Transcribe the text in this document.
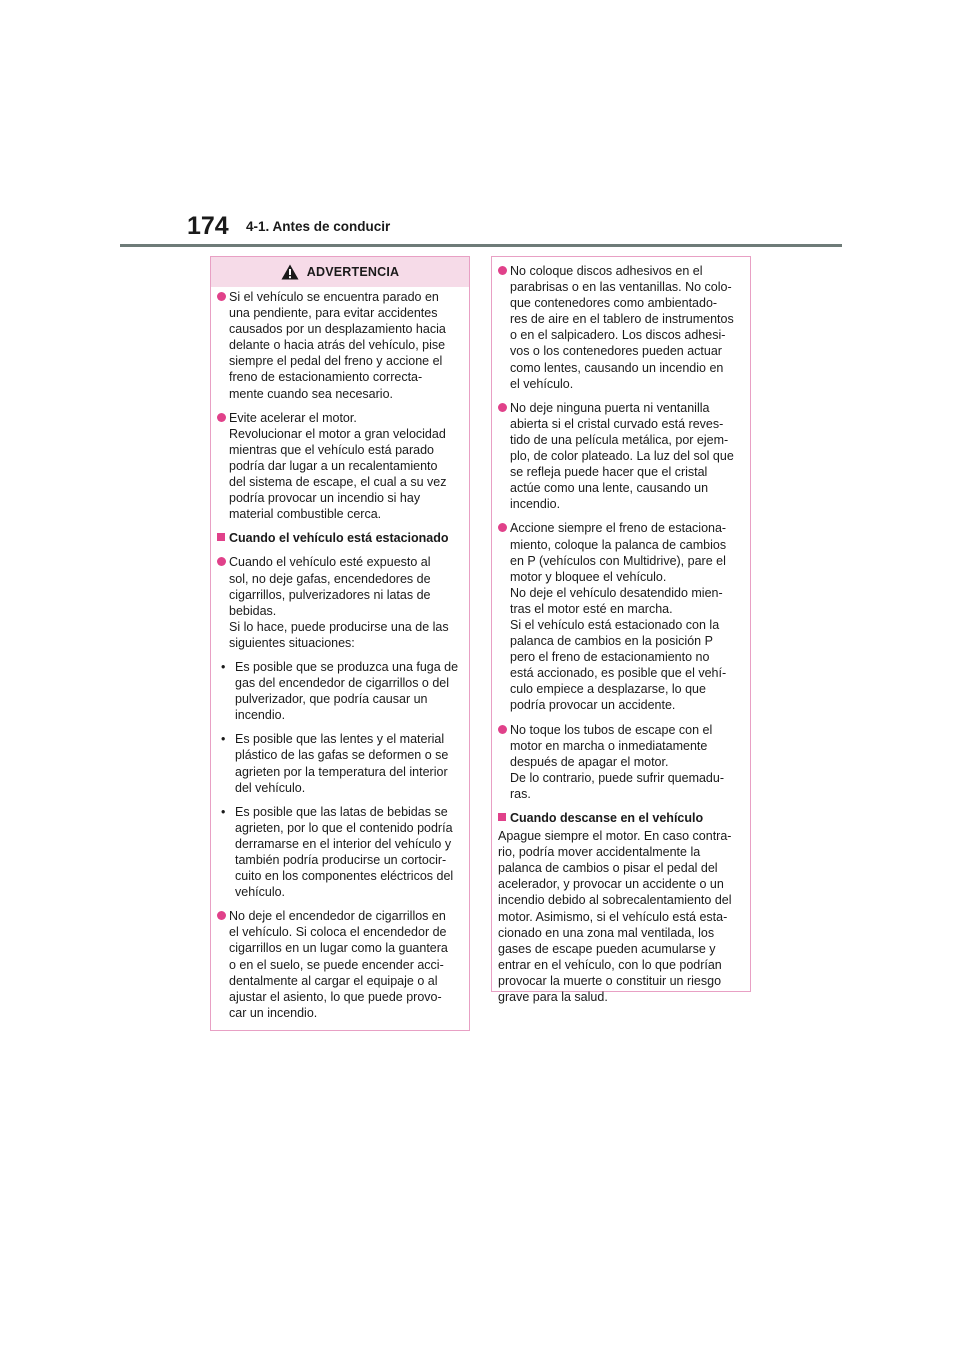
174 4-1. Antes de conducir
ADVERTENCIA
Si el vehículo se encuentra parado en
una pendiente, para evitar accidentes
causados por un desplazamiento hacia
delante o hacia atrás del vehículo, pise
siempre el pedal del freno y accione el
freno de estacionamiento correcta-
mente cuando sea necesario.
Evite acelerar el motor.
Revolucionar el motor a gran velocidad
mientras que el vehículo está parado
podría dar lugar a un recalentamiento
del sistema de escape, el cual a su vez
podría provocar un incendio si hay
material combustible cerca.
Cuando el vehículo está estacionado
Cuando el vehículo esté expuesto al
sol, no deje gafas, encendedores de
cigarrillos, pulverizadores ni latas de
bebidas.
Si lo hace, puede producirse una de las
siguientes situaciones:
• Es posible que se produzca una fuga de
gas del encendedor de cigarrillos o del
pulverizador, que podría causar un
incendio.
• Es posible que las lentes y el material
plástico de las gafas se deformen o se
agrieten por la temperatura del interior
del vehículo.
• Es posible que las latas de bebidas se
agrieten, por lo que el contenido podría
derramarse en el interior del vehículo y
también podría producirse un cortocir-
cuito en los componentes eléctricos del
vehículo.
No deje el encendedor de cigarrillos en
el vehículo. Si coloca el encendedor de
cigarrillos en un lugar como la guantera
o en el suelo, se puede encender acci-
dentalmente al cargar el equipaje o al
ajustar el asiento, lo que puede provo-
car un incendio.
No coloque discos adhesivos en el
parabrisas o en las ventanillas. No colo-
que contenedores como ambientado-
res de aire en el tablero de instrumentos
o en el salpicadero. Los discos adhesi-
vos o los contenedores pueden actuar
como lentes, causando un incendio en
el vehículo.
No deje ninguna puerta ni ventanilla
abierta si el cristal curvado está reves-
tido de una película metálica, por ejem-
plo, de color plateado. La luz del sol que
se refleja puede hacer que el cristal
actúe como una lente, causando un
incendio.
Accione siempre el freno de estaciona-
miento, coloque la palanca de cambios
en P (vehículos con Multidrive), pare el
motor y bloquee el vehículo.
No deje el vehículo desatendido mien-
tras el motor esté en marcha.
Si el vehículo está estacionado con la
palanca de cambios en la posición P
pero el freno de estacionamiento no
está accionado, es posible que el vehí-
culo empiece a desplazarse, lo que
podría provocar un accidente.
No toque los tubos de escape con el
motor en marcha o inmediatamente
después de apagar el motor.
De lo contrario, puede sufrir quemadu-
ras.
Cuando descanse en el vehículo
Apague siempre el motor. En caso contra-
rio, podría mover accidentalmente la
palanca de cambios o pisar el pedal del
acelerador, y provocar un accidente o un
incendio debido al sobrecalentamiento del
motor. Asimismo, si el vehículo está esta-
cionado en una zona mal ventilada, los
gases de escape pueden acumularse y
entrar en el vehículo, con lo que podrían
provocar la muerte o constituir un riesgo
grave para la salud.
